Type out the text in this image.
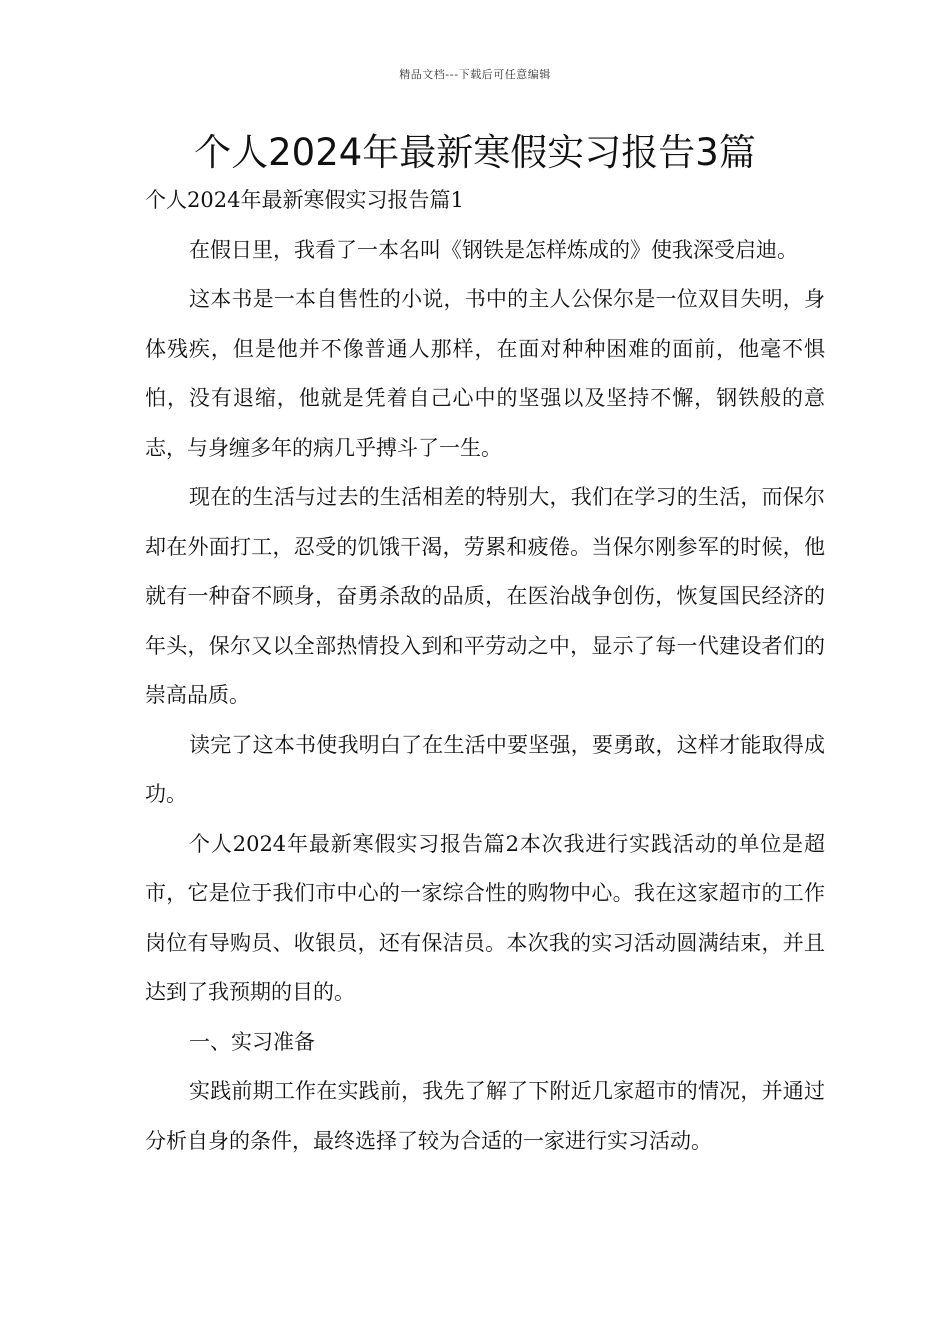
精品文档---下载后可任意编辑
个人2024年最新寒假实习报告3篇

个人2024年最新寒假实习报告篇1

在假日里，我看了一本名叫《钢铁是怎样炼成的》使我深受启迪。

这本书是一本自售性的小说，书中的主人公保尔是一位双目失明，身体残疾，但是他并不像普通人那样，在面对种种困难的面前，他毫不惧怕，没有退缩，他就是凭着自己心中的坚强以及坚持不懈，钢铁般的意志，与身缠多年的病几乎搏斗了一生。

现在的生活与过去的生活相差的特别大，我们在学习的生活，而保尔却在外面打工，忍受的饥饿干渴，劳累和疲倦。当保尔刚参军的时候，他就有一种奋不顾身，奋勇杀敌的品质，在医治战争创伤，恢复国民经济的年头，保尔又以全部热情投入到和平劳动之中，显示了每一代建设者们的崇高品质。

读完了这本书使我明白了在生活中要坚强，要勇敢，这样才能取得成功。

个人2024年最新寒假实习报告篇2本次我进行实践活动的单位是超市，它是位于我们市中心的一家综合性的购物中心。我在这家超市的工作岗位有导购员、收银员，还有保洁员。本次我的实习活动圆满结束，并且达到了我预期的目的。

一、实习准备

实践前期工作在实践前，我先了解了下附近几家超市的情况，并通过分析自身的条件，最终选择了较为合适的一家进行实习活动。
